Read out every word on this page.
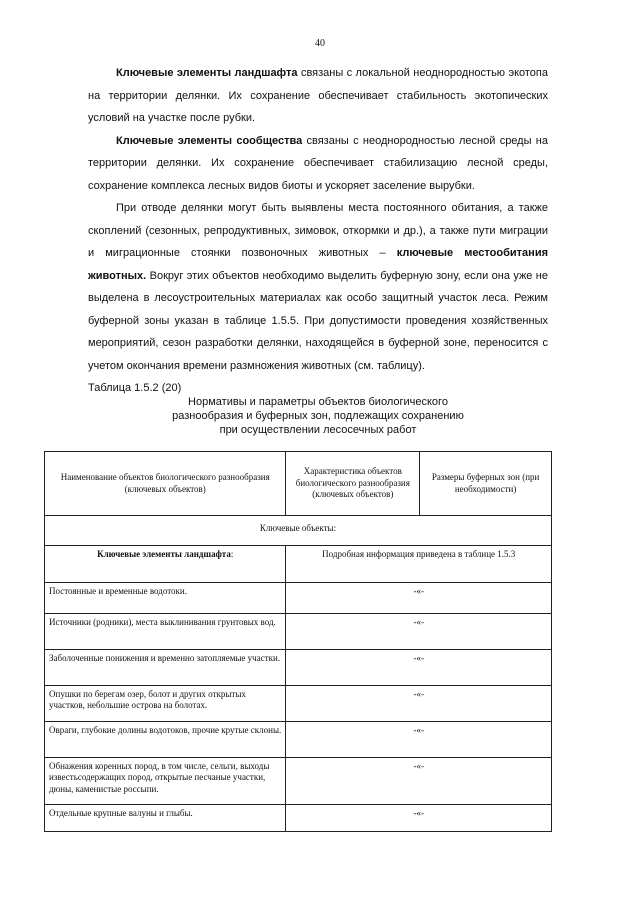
40

Ключевые элементы ландшафта связаны с локальной неоднородностью экотопа на территории делянки. Их сохранение обеспечивает стабильность экотопических условий на участке после рубки.

Ключевые элементы сообщества связаны с неоднородностью лесной среды на территории делянки. Их сохранение обеспечивает стабилизацию лесной среды, сохранение комплекса лесных видов биоты и ускоряет заселение вырубки.

При отводе делянки могут быть выявлены места постоянного обитания, а также скоплений (сезонных, репродуктивных, зимовок, откормки и др.), а также пути миграции и миграционные стоянки позвоночных животных – ключевые местообитания животных. Вокруг этих объектов необходимо выделить буферную зону, если она уже не выделена в лесоустроительных материалах как особо защитный участок леса. Режим буферной зоны указан в таблице 1.5.5. При допустимости проведения хозяйственных мероприятий, сезон разработки делянки, находящейся в буферной зоне, переносится с учетом окончания времени размножения животных (см. таблицу).

Таблица 1.5.2 (20)

Нормативы и параметры объектов биологического
разнообразия и буферных зон, подлежащих сохранению
при осуществлении лесосечных работ
Наименование объектов биологического разнообразия (ключевых объектов)	Характеристика объектов биологического разнообразия (ключевых объектов)	Размеры буферных зон (при необходимости)
Ключевые объекты:		
Ключевые элементы ландшафта:	Подробная информация приведена в таблице 1.5.3	
Постоянные и временные водотоки.	-«-	
Источники (родники), места выклинивания грунтовых вод.	-«-	
Заболоченные понижения и временно затопляемые участки.	-«-	
Опушки по берегам озер, болот и других открытых участков, небольшие острова на болотах.	-«-	
Овраги, глубокие долины водотоков, прочие крутые склоны.	-«-	
Обнажения коренных пород, в том числе, сельги, выходы известьсодержащих пород, открытые песчаные участки, дюны, каменистые россыпи.	-«-	
Отдельные крупные валуны и глыбы.	-«-	
